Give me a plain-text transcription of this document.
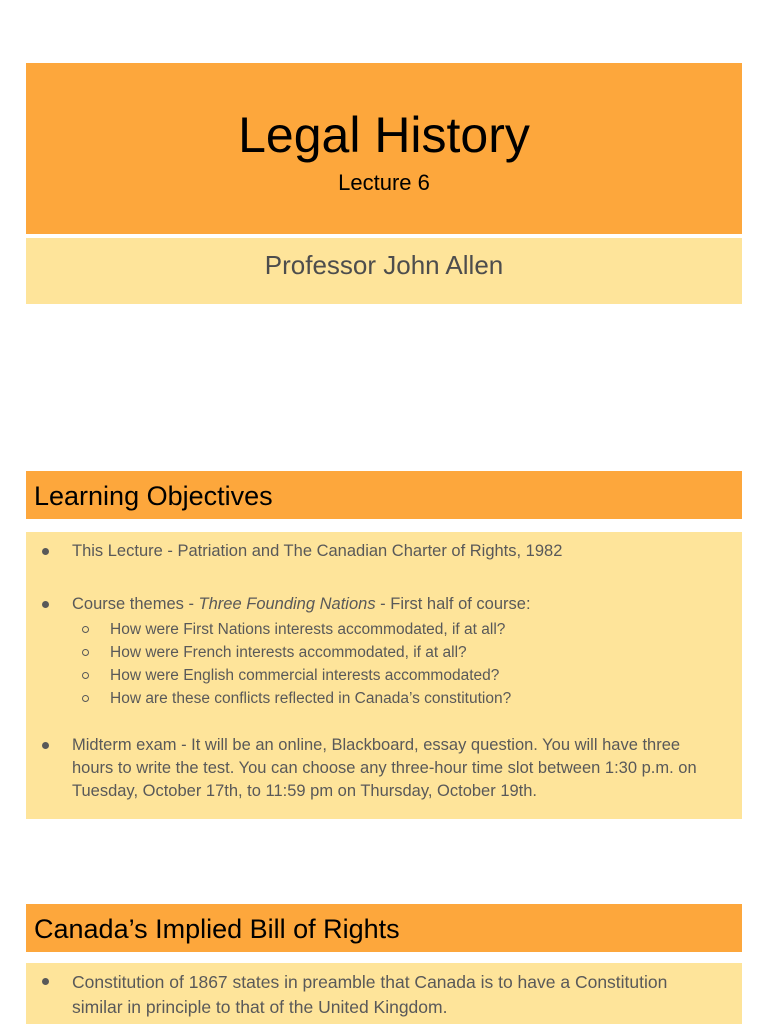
Legal History
Lecture 6
Professor John Allen
Learning Objectives
This Lecture - Patriation and The Canadian Charter of Rights, 1982
Course themes - Three Founding Nations - First half of course:
How were First Nations interests accommodated, if at all?
How were French interests accommodated, if at all?
How were English commercial interests accommodated?
How are these conflicts reflected in Canada’s constitution?
Midterm exam - It will be an online, Blackboard, essay question. You will have three
hours to write the test. You can choose any three-hour time slot between 1:30 p.m. on
Tuesday, October 17th, to 11:59 pm on Thursday, October 19th.
Canada’s Implied Bill of Rights
Constitution of 1867 states in preamble that Canada is to have a Constitution
similar in principle to that of the United Kingdom.
